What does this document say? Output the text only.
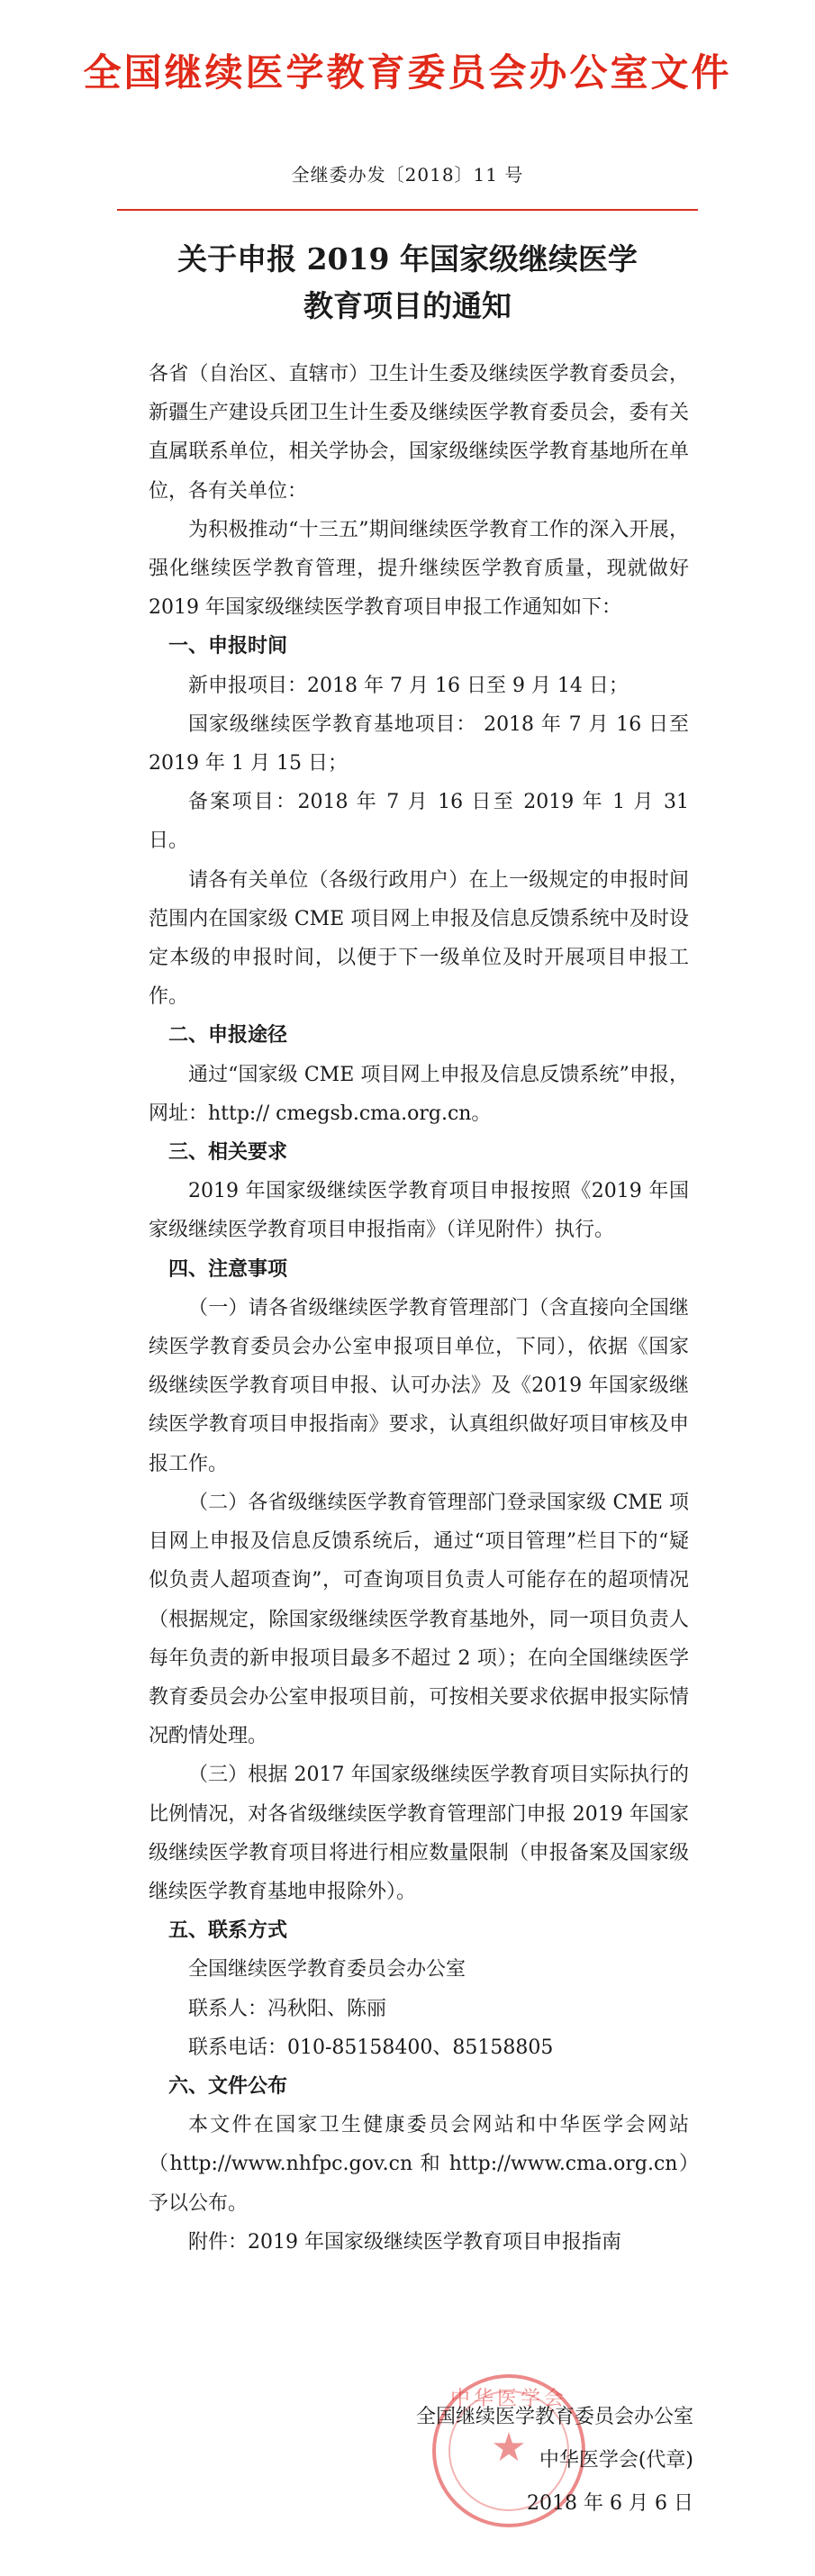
全国继续医学教育委员会办公室文件
全继委办发〔2018〕11 号
关于申报 2019 年国家级继续医学
教育项目的通知

各省（自治区、直辖市）卫生计生委及继续医学教育委员会，新疆生产建设兵团卫生计生委及继续医学教育委员会，委有关直属联系单位，相关学协会，国家级继续医学教育基地所在单位，各有关单位：

为积极推动“十三五”期间继续医学教育工作的深入开展，强化继续医学教育管理，提升继续医学教育质量，现就做好 2019 年国家级继续医学教育项目申报工作通知如下：

一、申报时间

新申报项目：2018 年 7 月 16 日至 9 月 14 日；

国家级继续医学教育基地项目： 2018 年 7 月 16 日至 2019 年 1 月 15 日；

备案项目：2018 年 7 月 16 日至 2019 年 1 月 31 日。

请各有关单位（各级行政用户）在上一级规定的申报时间范围内在国家级 CME 项目网上申报及信息反馈系统中及时设定本级的申报时间，以便于下一级单位及时开展项目申报工作。

二、申报途径

通过“国家级 CME 项目网上申报及信息反馈系统”申报，网址：http:// cmegsb.cma.org.cn。

三、相关要求

2019 年国家级继续医学教育项目申报按照《2019 年国家级继续医学教育项目申报指南》（详见附件）执行。

四、注意事项

（一）请各省级继续医学教育管理部门（含直接向全国继续医学教育委员会办公室申报项目单位，下同），依据《国家级继续医学教育项目申报、认可办法》及《2019 年国家级继续医学教育项目申报指南》要求，认真组织做好项目审核及申报工作。

（二）各省级继续医学教育管理部门登录国家级 CME 项目网上申报及信息反馈系统后，通过“项目管理”栏目下的“疑似负责人超项查询”，可查询项目负责人可能存在的超项情况（根据规定，除国家级继续医学教育基地外，同一项目负责人每年负责的新申报项目最多不超过 2 项）；在向全国继续医学教育委员会办公室申报项目前，可按相关要求依据申报实际情况酌情处理。

（三）根据 2017 年国家级继续医学教育项目实际执行的比例情况，对各省级继续医学教育管理部门申报 2019 年国家级继续医学教育项目将进行相应数量限制（申报备案及国家级继续医学教育基地申报除外）。

五、联系方式

全国继续医学教育委员会办公室

联系人：冯秋阳、陈丽

联系电话：010-85158400、85158805

六、文件公布

本文件在国家卫生健康委员会网站和中华医学会网站（http://www.nhfpc.gov.cn 和 http://www.cma.org.cn）予以公布。

附件：2019 年国家级继续医学教育项目申报指南

中华医学会
★
全国继续医学教育委员会办公室
中华医学会(代章)
2018 年 6 月 6 日
